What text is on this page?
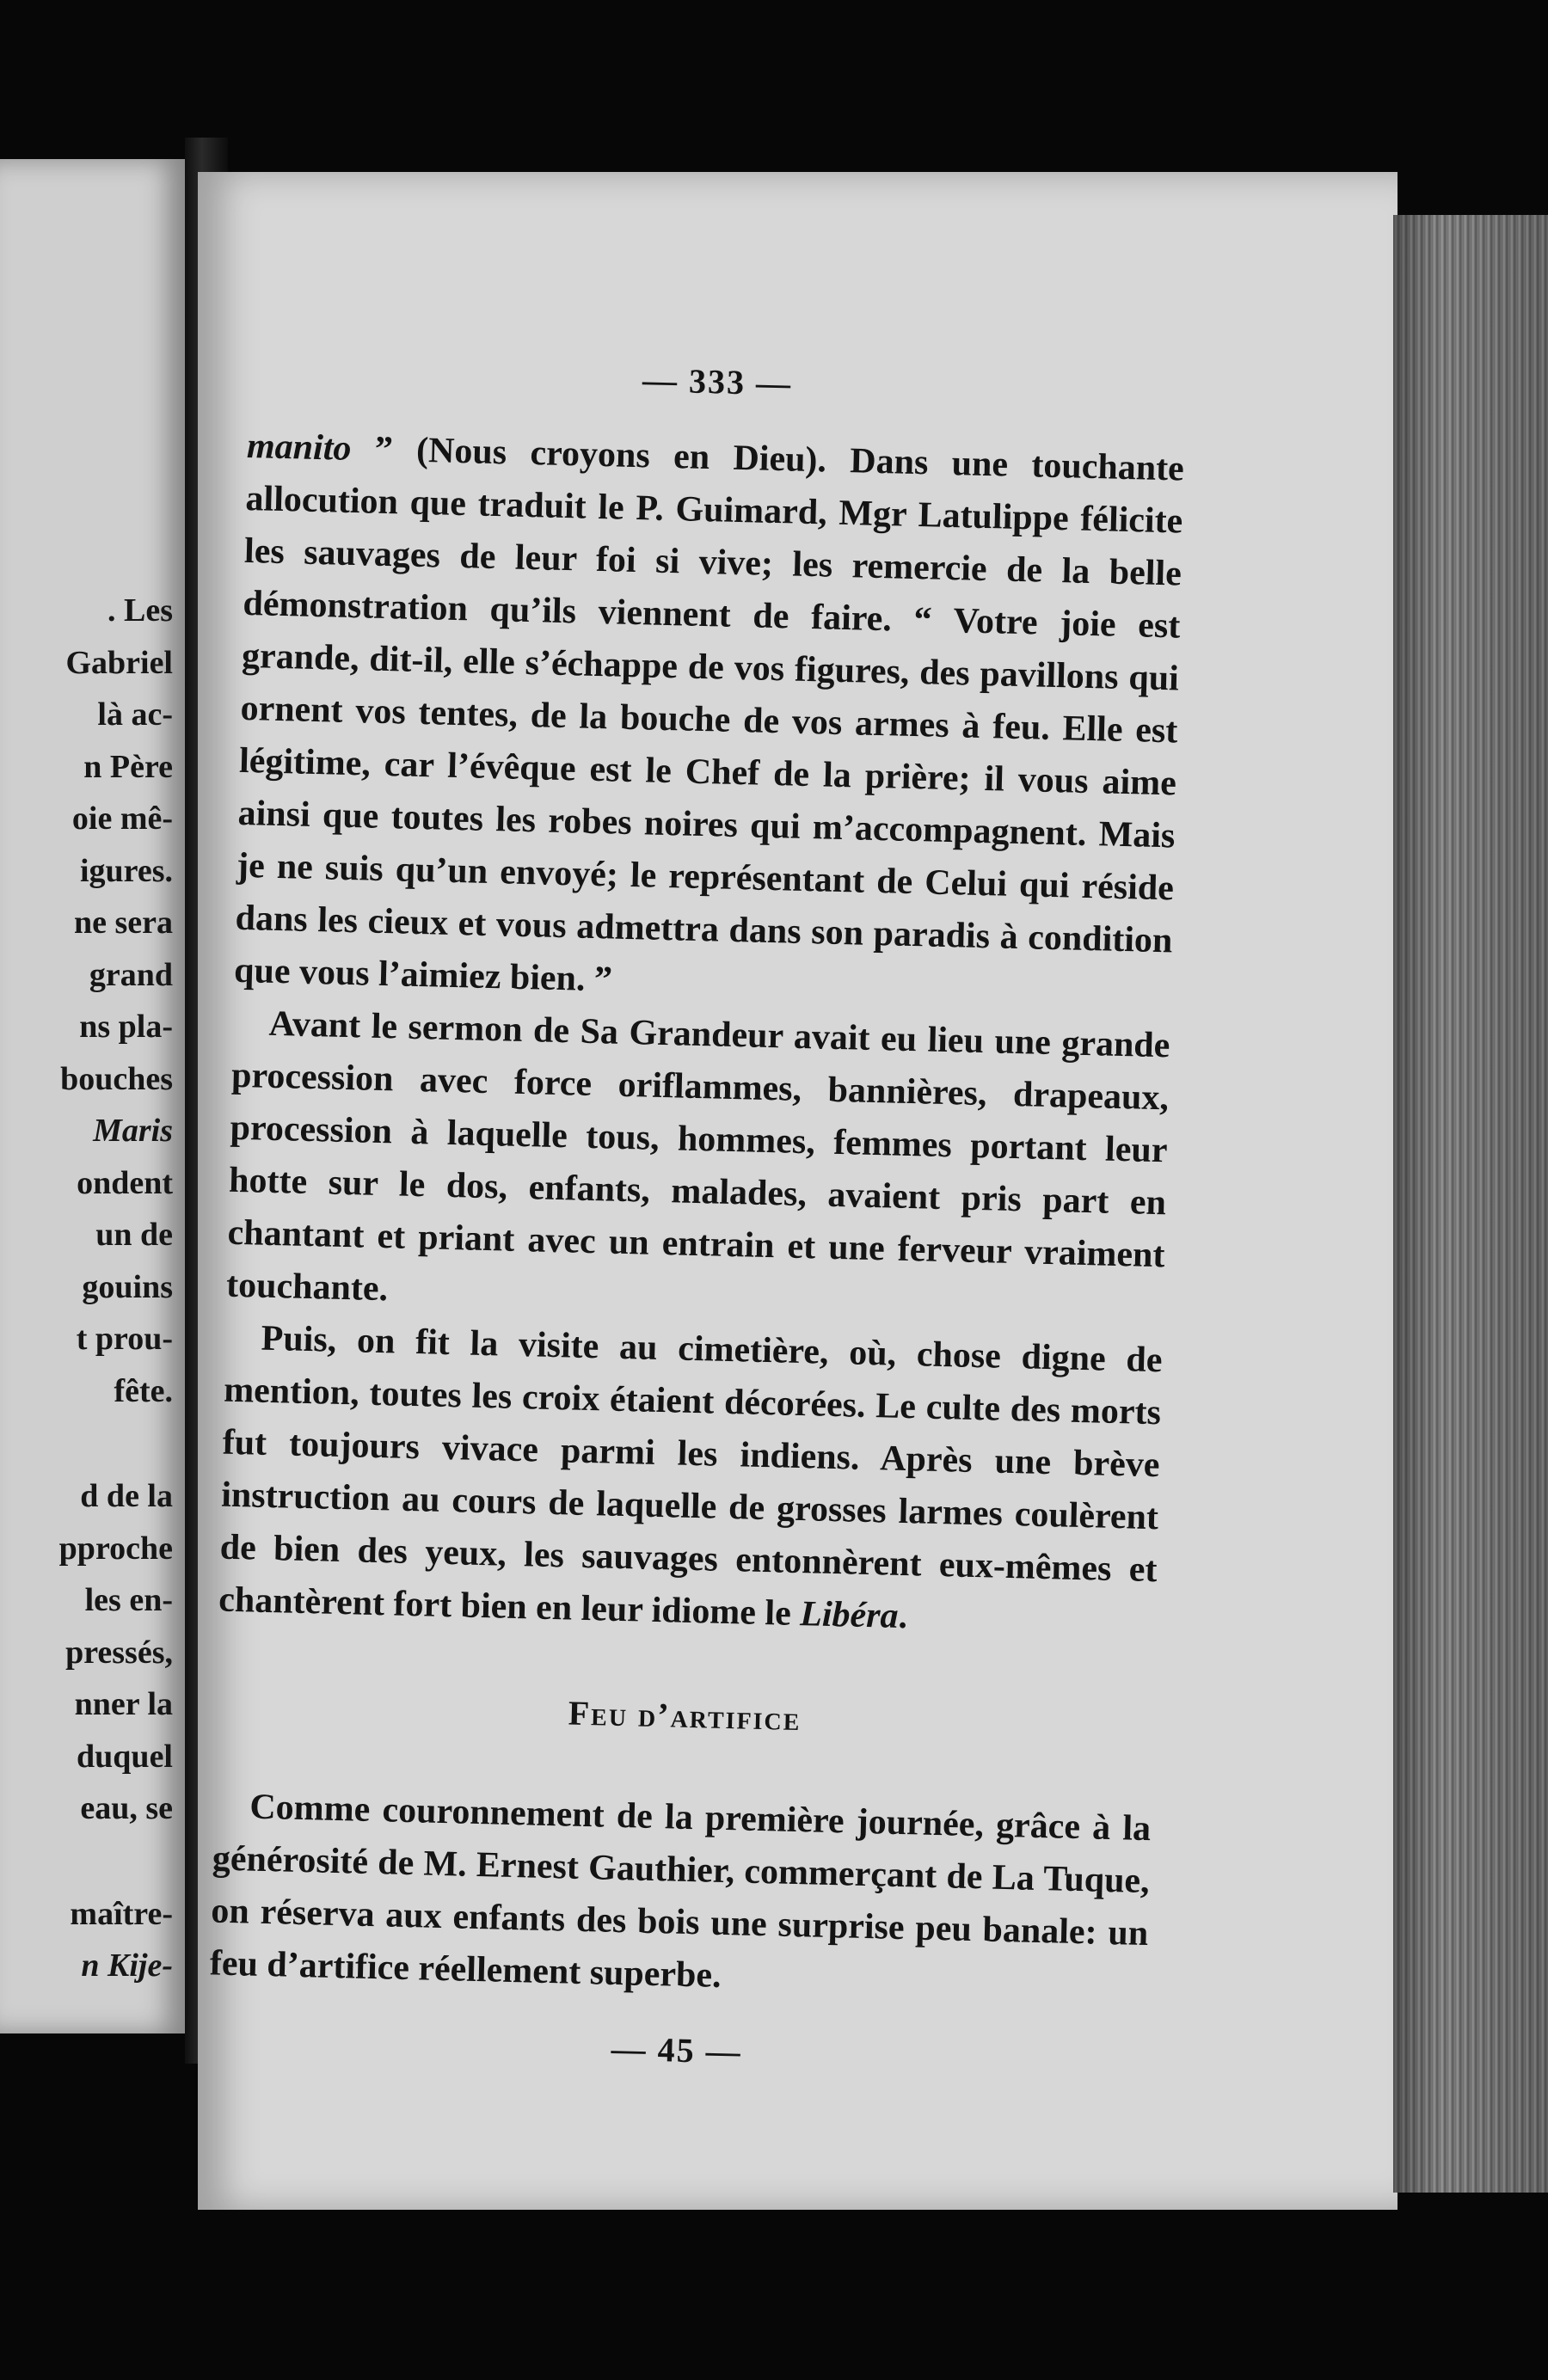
. Les
Gabriel
là ac-
n Père
oie mê-
igures.
ne sera
grand
ns pla-
bouches
Maris
ondent
un de
gouins
t prou-
fête.
d de la
pproche
les en-
pressés,
nner la
duquel
eau, se
maître-
n Kije-
— 333 —

manito ” (Nous croyons en Dieu). Dans une touchante allocution que traduit le P. Guimard, Mgr Latulippe félicite les sauvages de leur foi si vive; les remercie de la belle démonstration qu’ils viennent de faire. “ Votre joie est grande, dit-il, elle s’échappe de vos figures, des pavillons qui ornent vos tentes, de la bouche de vos armes à feu. Elle est légitime, car l’évêque est le Chef de la prière; il vous aime ainsi que toutes les robes noires qui m’accompagnent. Mais je ne suis qu’un envoyé; le représentant de Celui qui réside dans les cieux et vous admettra dans son paradis à condition que vous l’aimiez bien. ”

Avant le sermon de Sa Grandeur avait eu lieu une grande procession avec force oriflammes, bannières, drapeaux, procession à laquelle tous, hommes, femmes portant leur hotte sur le dos, enfants, malades, avaient pris part en chantant et priant avec un entrain et une ferveur vraiment touchante.

Puis, on fit la visite au cimetière, où, chose digne de mention, toutes les croix étaient décorées. Le culte des morts fut toujours vivace parmi les indiens. Après une brève instruction au cours de laquelle de grosses larmes coulèrent de bien des yeux, les sauvages entonnèrent eux-mêmes et chantèrent fort bien en leur idiome le Libéra.

Feu d’artifice

Comme couronnement de la première journée, grâce à la générosité de M. Ernest Gauthier, commerçant de La Tuque, on réserva aux enfants des bois une surprise peu banale: un feu d’artifice réellement superbe.

— 45 —
